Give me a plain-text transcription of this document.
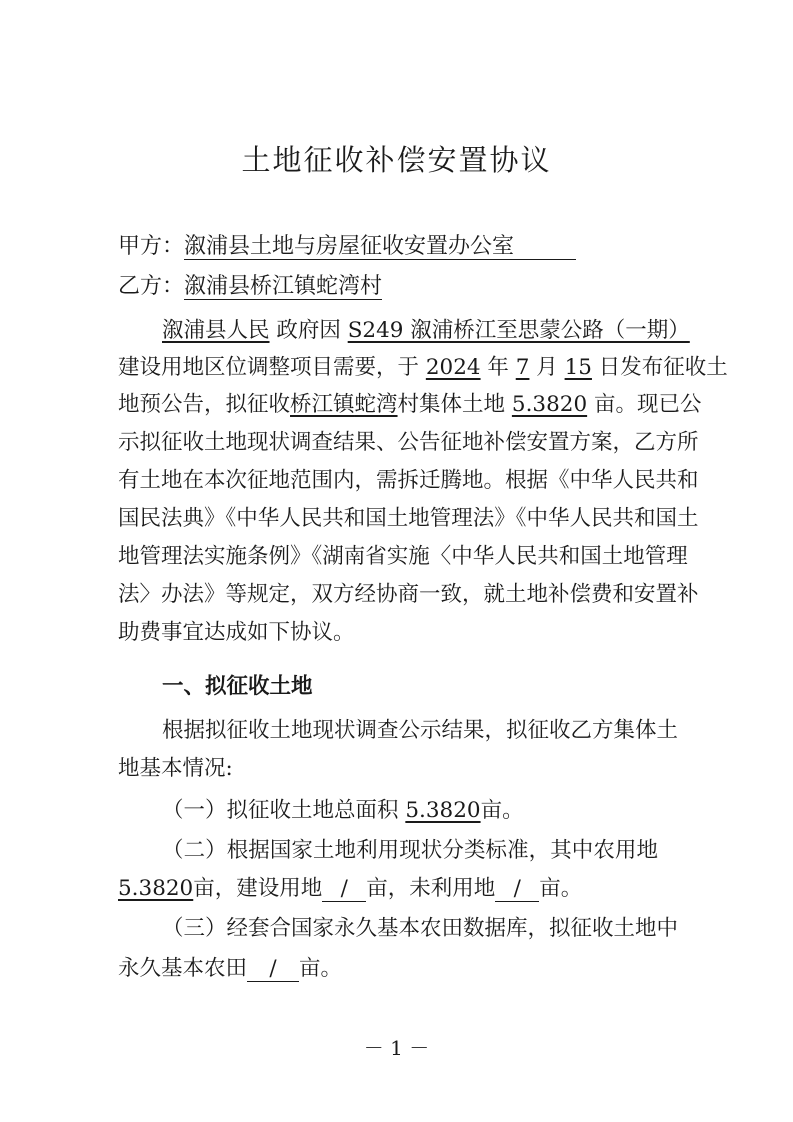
土地征收补偿安置协议
甲方：溆浦县土地与房屋征收安置办公室
乙方：溆浦县桥江镇蛇湾村
溆浦县人民 政府因 S249 溆浦桥江至思蒙公路（一期）
建设用地区位调整项目需要，于 2024 年 7 月 15 日发布征收土
地预公告，拟征收桥江镇蛇湾村集体土地 5.3820 亩。现已公
示拟征收土地现状调查结果、公告征地补偿安置方案，乙方所
有土地在本次征地范围内，需拆迁腾地。根据《中华人民共和
国民法典》《中华人民共和国土地管理法》《中华人民共和国土
地管理法实施条例》《湖南省实施〈中华人民共和国土地管理
法〉办法》等规定，双方经协商一致，就土地补偿费和安置补
助费事宜达成如下协议。
一、拟征收土地
根据拟征收土地现状调查公示结果，拟征收乙方集体土
地基本情况:
（一）拟征收土地总面积 5.3820亩。
（二）根据国家土地利用现状分类标准，其中农用地
5.3820亩，建设用地 / 亩，未利用地 / 亩。
（三）经套合国家永久基本农田数据库，拟征收土地中
永久基本农田 / 亩。
－ 1 －
